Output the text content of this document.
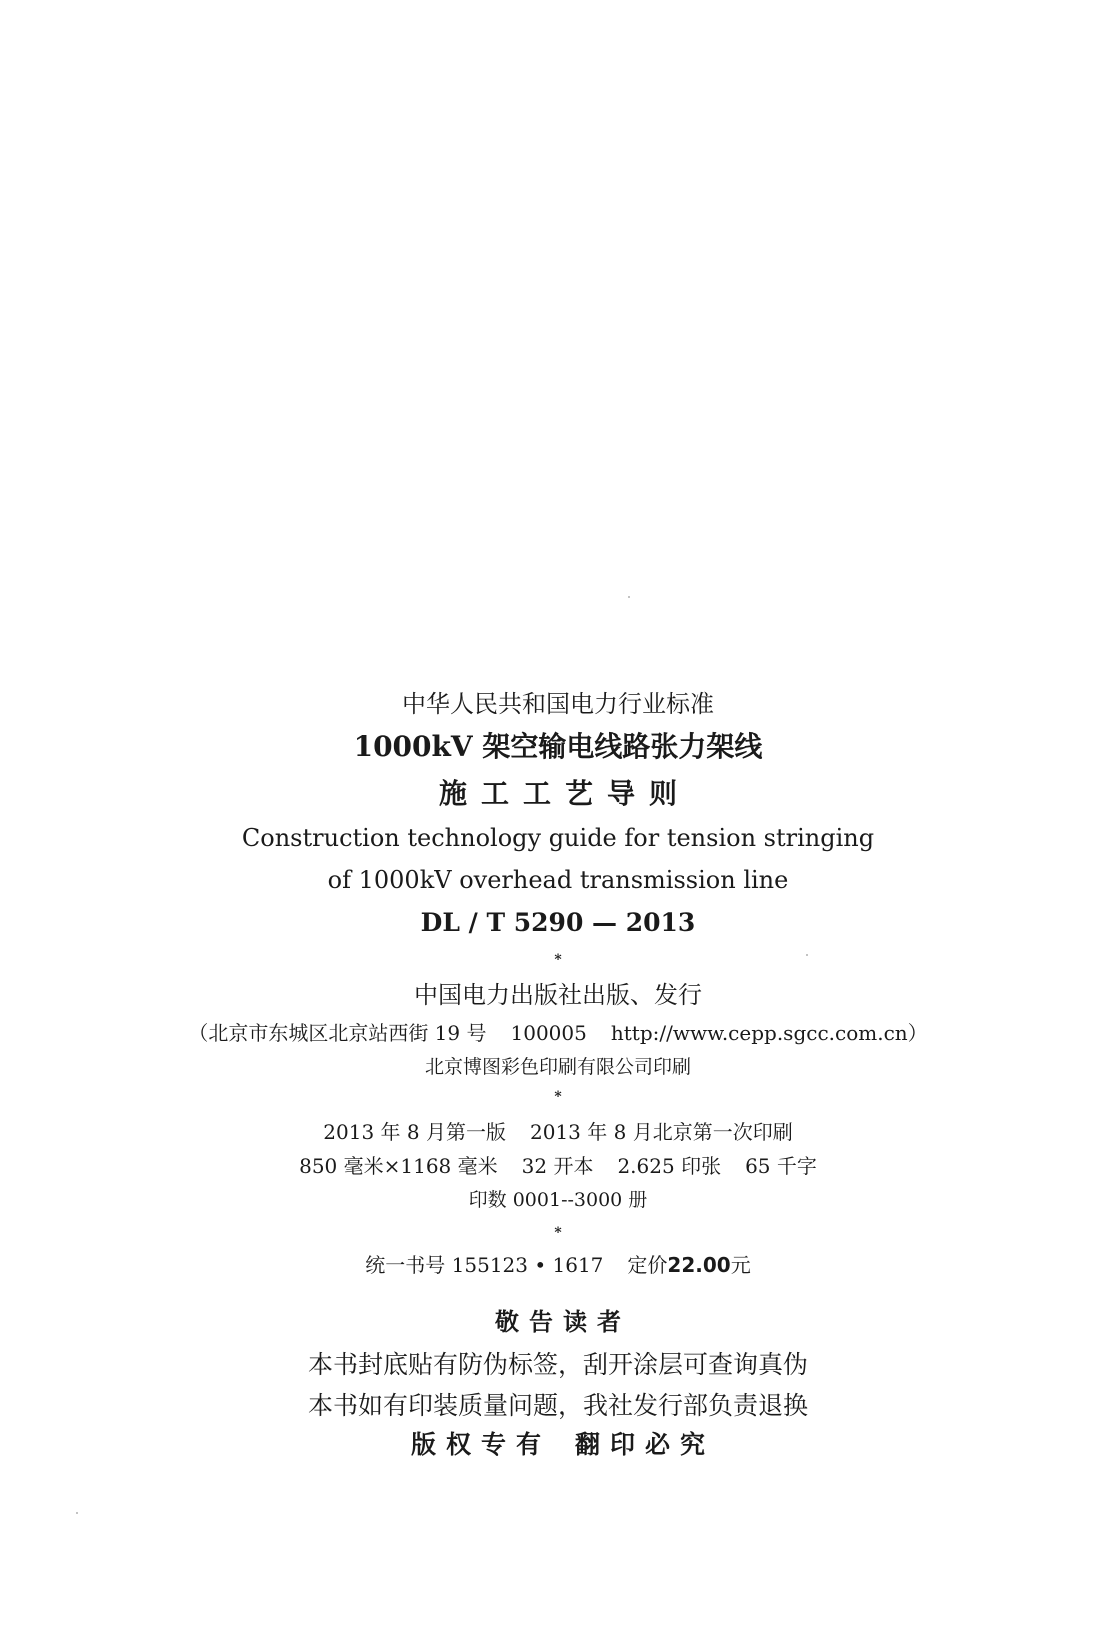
中华人民共和国电力行业标准
1000kV 架空输电线路张力架线
施工工艺导则
Construction technology guide for tension stringing
of 1000kV overhead transmission line
DL / T 5290 — 2013
*
中国电力出版社出版、发行
（北京市东城区北京站西街 19 号 100005 http://www.cepp.sgcc.com.cn）
北京博图彩色印刷有限公司印刷
*
2013 年 8 月第一版 2013 年 8 月北京第一次印刷
850 毫米×1168 毫米 32 开本 2.625 印张 65 千字
印数 0001--3000 册
*
统一书号 155123 • 1617 定价22.00元
敬告读者
本书封底贴有防伪标签，刮开涂层可查询真伪
本书如有印装质量问题，我社发行部负责退换
版权专有 翻印必究
